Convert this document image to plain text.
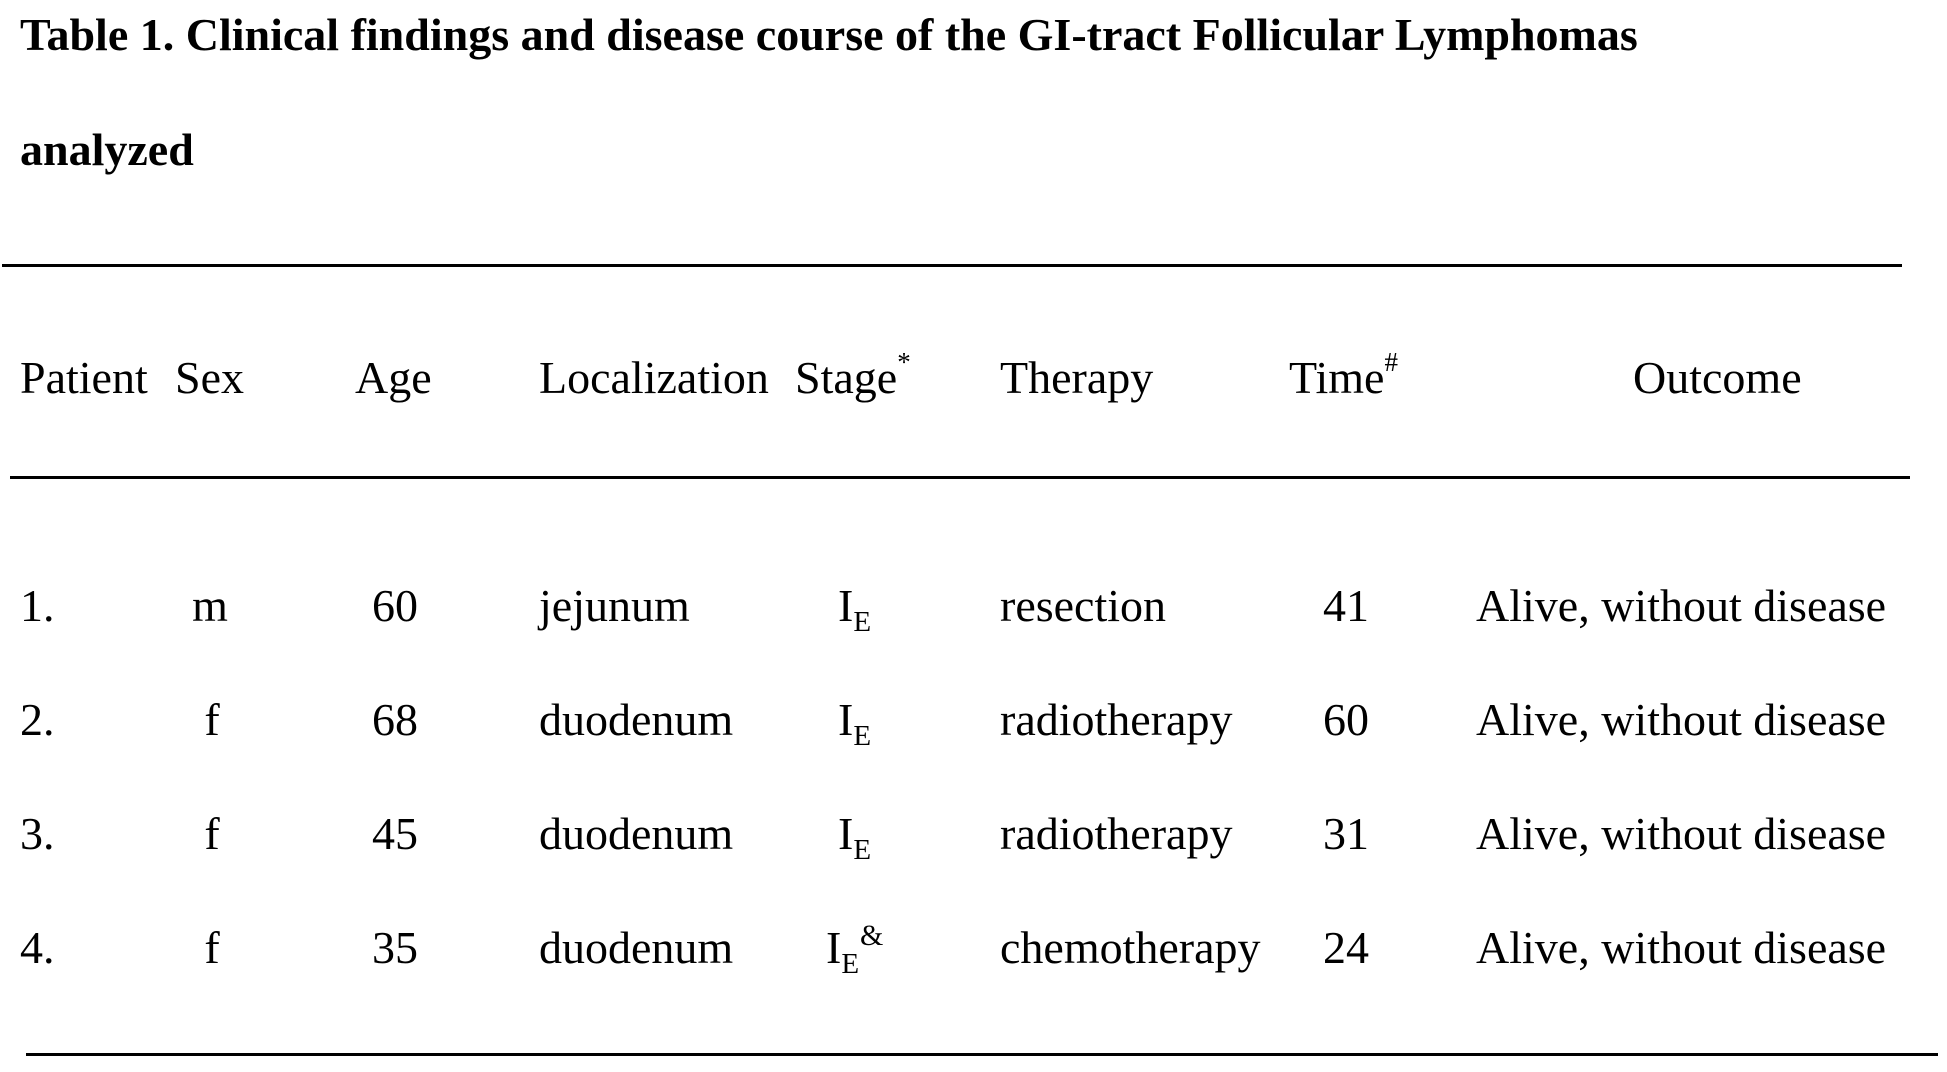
Table 1. Clinical findings and disease course of the GI-tract Follicular Lymphomas
analyzed
Patient Sex Age Localization Stage* Therapy	Time#	Outcome
1.	m	60	jejunum	$I_E$	resection	41 Alive, without disease
2.	f	68	duodenum $I_E$	radiotherapy 60 Alive, without disease
3.	f	45	duodenum $I_E$	radiotherapy 31 Alive, without disease
4.	f	35	duodenum $I_E^{\&}$	chemotherapy 24 Alive, without disease
